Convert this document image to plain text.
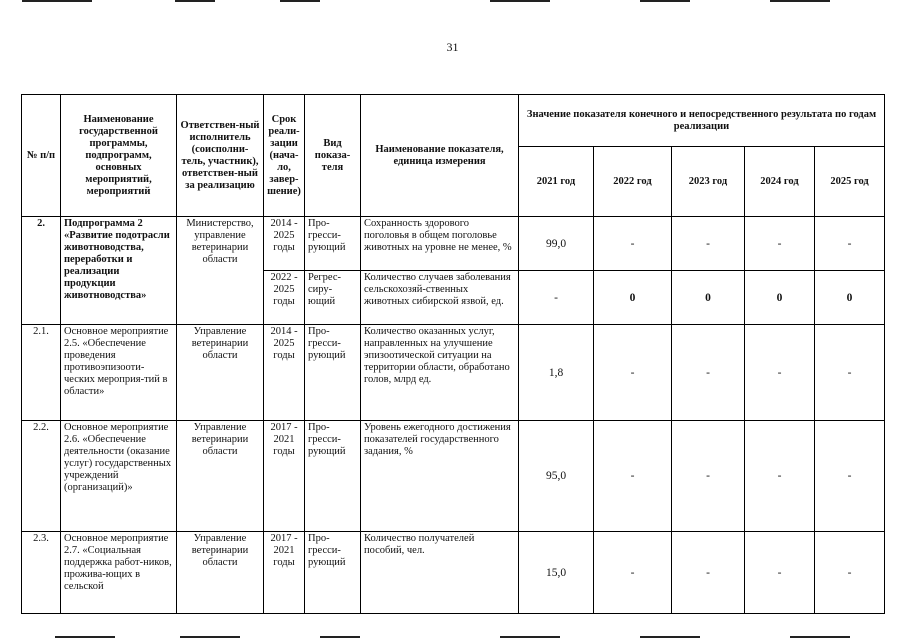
31
№ п/п	Наименование государственной программы, подпрограмм, основных мероприятий, мероприятий	Ответствен-ный исполнитель (соисполни-тель, участник), ответствен-ный за реализацию	Срок реали-зации (нача-ло, завер-шение)	Вид показа-теля	Наименование показателя, единица измерения	Значение показателя конечного и непосредственного результата по годам реализации				
						2021 год	2022 год	2023 год	2024 год	2025 год
2.	Подпрограмма 2 «Развитие подотрасли животноводства, переработки и реализации продукции животноводства»	Министерство, управление ветеринарии области	2014 - 2025 годы	Про-гресси-рующий	Сохранность здорового поголовья в общем поголовье животных на уровне не менее, %	99,0	-	-	-	-
			2022 - 2025 годы	Регрес-сиру-ющий	Количество случаев заболевания сельскохозяй-ственных животных сибирской язвой, ед.	-	0	0	0	0
2.1.	Основное мероприятие 2.5. «Обеспечение проведения противоэпизооти-ческих мероприя-тий в области»	Управление ветеринарии области	2014 - 2025 годы	Про-гресси-рующий	Количество оказанных услуг, направленных на улучшение эпизоотической ситуации на территории области, обработано голов, млрд ед.	1,8	-	-	-	-
2.2.	Основное мероприятие 2.6. «Обеспечение деятельности (оказание услуг) государственных учреждений (организаций)»	Управление ветеринарии области	2017 - 2021 годы	Про-гресси-рующий	Уровень ежегодного достижения показателей государственного задания, %	95,0	-	-	-	-
2.3.	Основное мероприятие 2.7. «Социальная поддержка работ-ников, прожива-ющих в сельской	Управление ветеринарии области	2017 - 2021 годы	Про-гресси-рующий	Количество получателей пособий, чел.	15,0	-	-	-	-
